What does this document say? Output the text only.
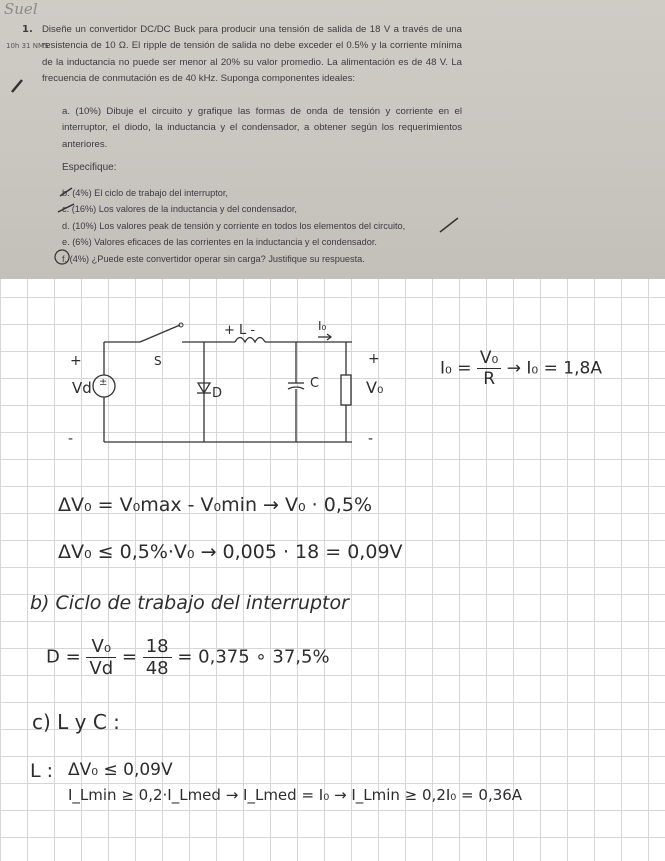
Suel
10h 31 NMS
1. Diseñe un convertidor DC/DC Buck para producir una tensión de salida de 18 V a través de una resistencia de 10 Ω. El ripple de tensión de salida no debe exceder el 0.5% y la corriente mínima de la inductancia no puede ser menor al 20% su valor promedio. La alimentación es de 48 V. La frecuencia de conmutación es de 40 kHz. Suponga componentes ideales:
a. (10%) Dibuje el circuito y grafique las formas de onda de tensión y corriente en el interruptor, el diodo, la inductancia y el condensador, a obtener según los requerimientos anteriores.
Especifique:
b. (4%) El ciclo de trabajo del interruptor,
c. (16%) Los valores de la inductancia y del condensador,
d. (10%) Los valores peak de tensión y corriente en todos los elementos del circuito,
e. (6%) Valores eficaces de las corrientes en la inductancia y el condensador.
f. (4%) ¿Puede este convertidor operar sin carga? Justifique su respuesta.
±
+
-
Vd
S
+ L -
D
C
I₀
+
-
V₀
$I_0 = \frac{\text{V₀}}{R} \to I_0 = 1,8A$
ΔV₀ = V₀max - V₀min → V₀ · 0,5%
ΔV₀ ≤ 0,5%·V₀ → 0,005 · 18 = 0,09V
b) Ciclo de trabajo del interruptor
$D = \frac{\text{V₀}}{Vd} = \frac{18}{48} = 0,375$ ∘ 37,5%
c) L y C :
L : ΔV₀ ≤ 0,09V
I_Lmin ≥ 0,2·I_Lmed → I_Lmed = I₀ → I_Lmin ≥ 0,2I₀ = 0,36A
